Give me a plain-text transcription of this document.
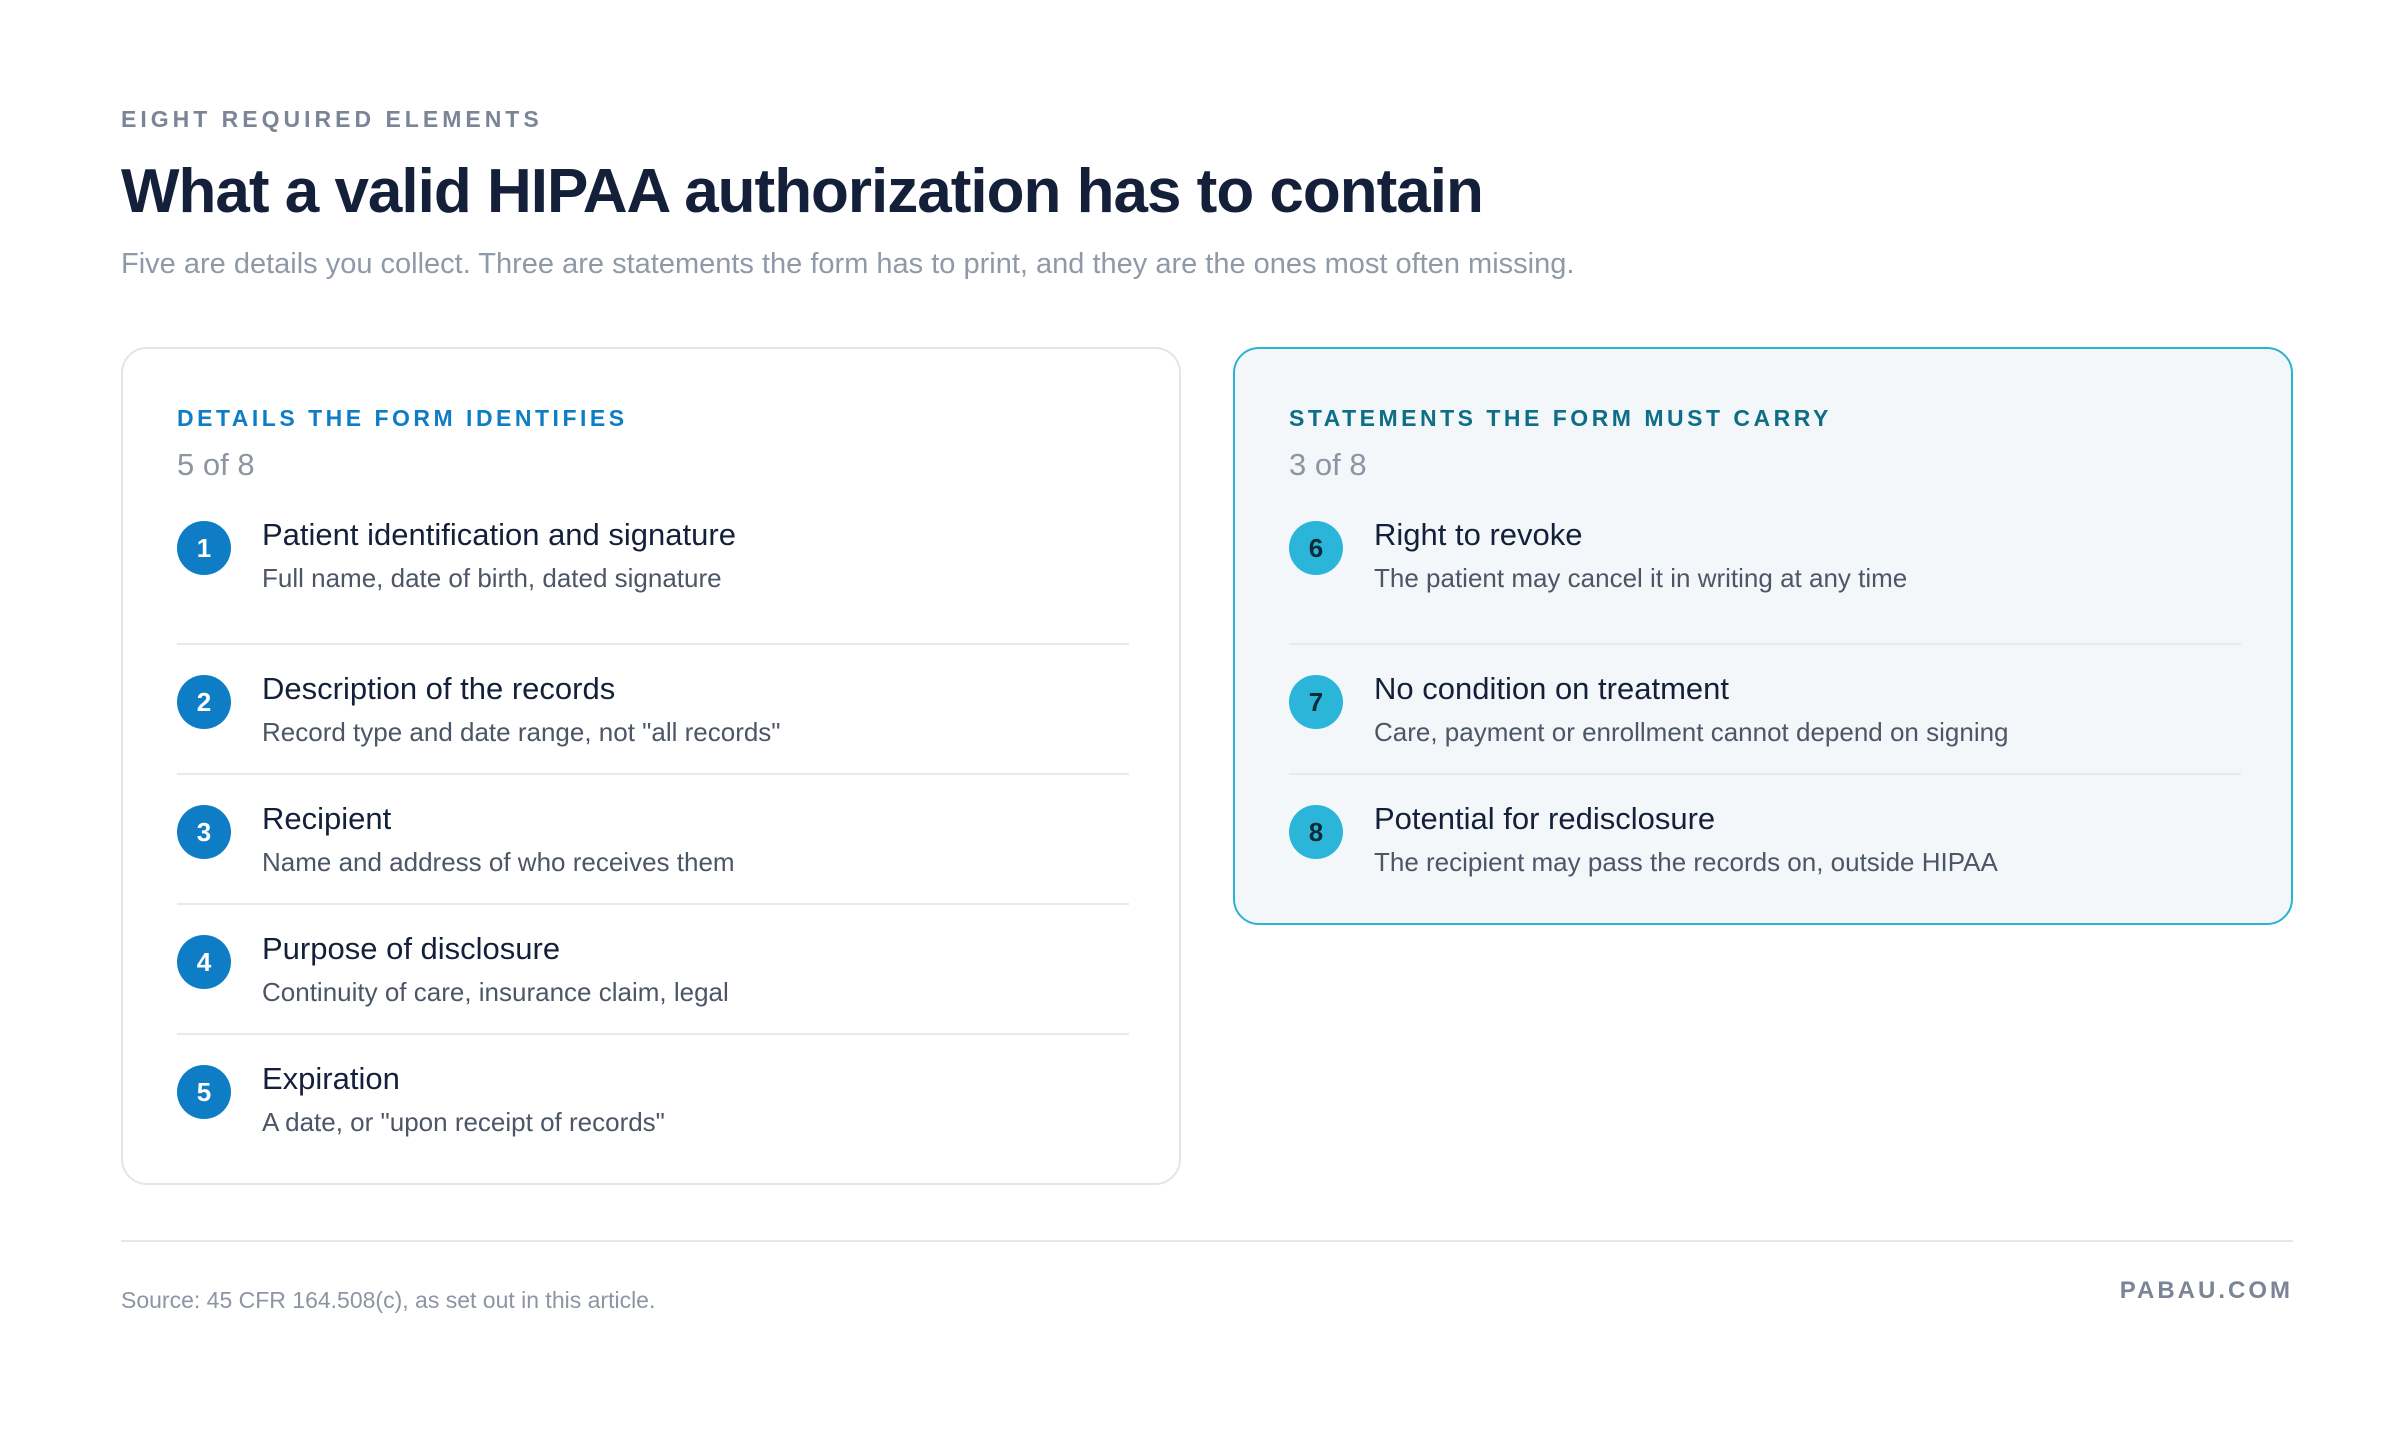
EIGHT REQUIRED ELEMENTS
What a valid HIPAA authorization has to contain

Five are details you collect. Three are statements the form has to print, and they are the ones most often missing.

DETAILS THE FORM IDENTIFIES
5 of 8
1	Patient identification and signature
Full name, date of birth, dated signature
2	Description of the records
Record type and date range, not "all records"
3	Recipient
Name and address of who receives them
4	Purpose of disclosure
Continuity of care, insurance claim, legal
5	Expiration
A date, or "upon receipt of records"
STATEMENTS THE FORM MUST CARRY
3 of 8
6	Right to revoke
The patient may cancel it in writing at any time
7	No condition on treatment
Care, payment or enrollment cannot depend on signing
8	Potential for redisclosure
The recipient may pass the records on, outside HIPAA
Source: 45 CFR 164.508(c), as set out in this article.	PABAU.COM
